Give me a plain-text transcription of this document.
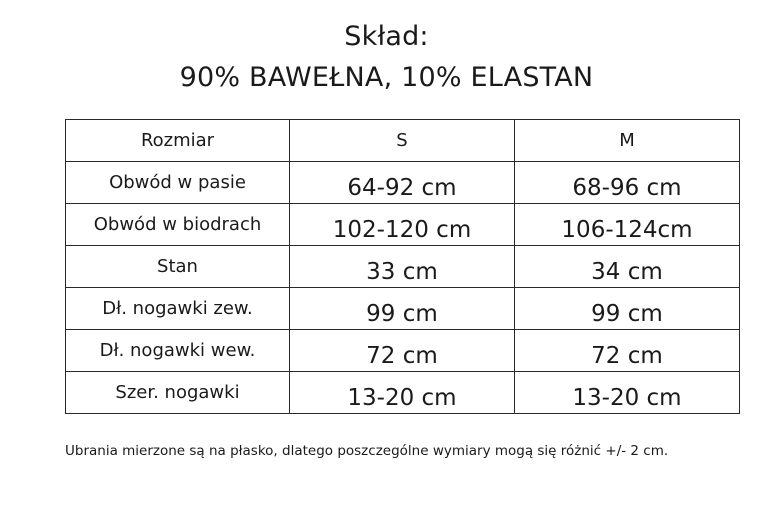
Skład:
90% BAWEŁNA, 10% ELASTAN
Rozmiar	S	M
Obwód w pasie	64-92 cm	68-96 cm
Obwód w biodrach	102-120 cm	106-124cm
Stan	33 cm	34 cm
Dł. nogawki zew.	99 cm	99 cm
Dł. nogawki wew.	72 cm	72 cm
Szer. nogawki	13-20 cm	13-20 cm
Ubrania mierzone są na płasko, dlatego poszczególne wymiary mogą się różnić +/- 2 cm.
